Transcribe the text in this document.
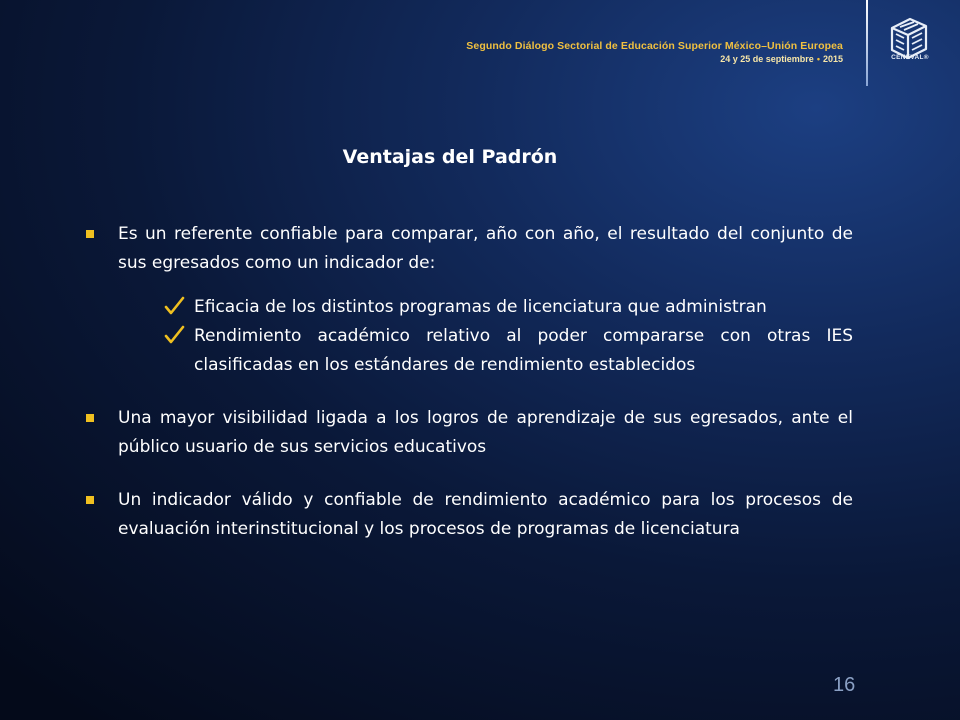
Segundo Diálogo Sectorial de Educación Superior México–Unión Europea
24 y 25 de septiembre • 2015	CENEVAL®
Ventajas del Padrón
Es un referente confiable para comparar, año con año, el resultado del conjunto de sus egresados como un indicador de:
Eficacia de los distintos programas de licenciatura que administran
Rendimiento académico relativo al poder compararse con otras IES clasificadas en los estándares de rendimiento establecidos
Una mayor visibilidad ligada a los logros de aprendizaje de sus egresados, ante el público usuario de sus servicios educativos
Un indicador válido y confiable de rendimiento académico para los procesos de evaluación interinstitucional y los procesos de programas de licenciatura
16
